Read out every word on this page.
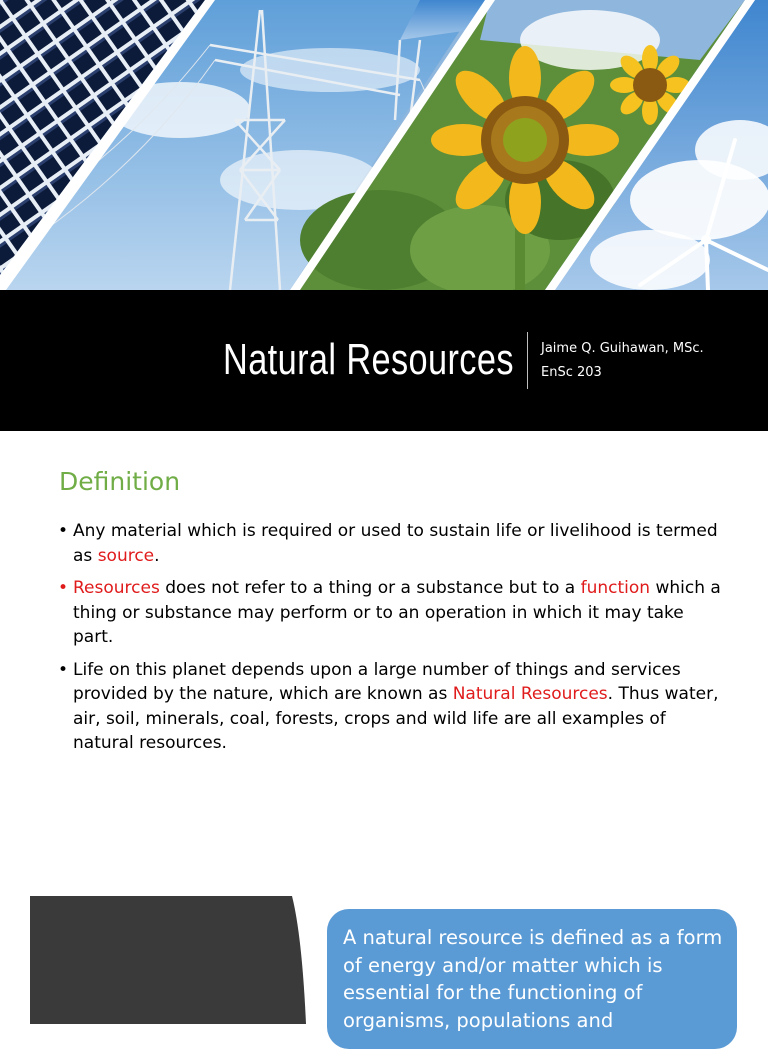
Natural Resources Jaime Q. Guihawan, MSc.
EnSc 203
Definition
• Any material which is required or used to sustain life or livelihood is termed as source.
• Resources does not refer to a thing or a substance but to a function which a thing or substance may perform or to an operation in which it may take part.
• Life on this planet depends upon a large number of things and services provided by the nature, which are known as Natural Resources. Thus water, air, soil, minerals, coal, forests, crops and wild life are all examples of natural resources.
A natural resource is defined as a form of energy and/or matter which is essential for the functioning of organisms, populations and
